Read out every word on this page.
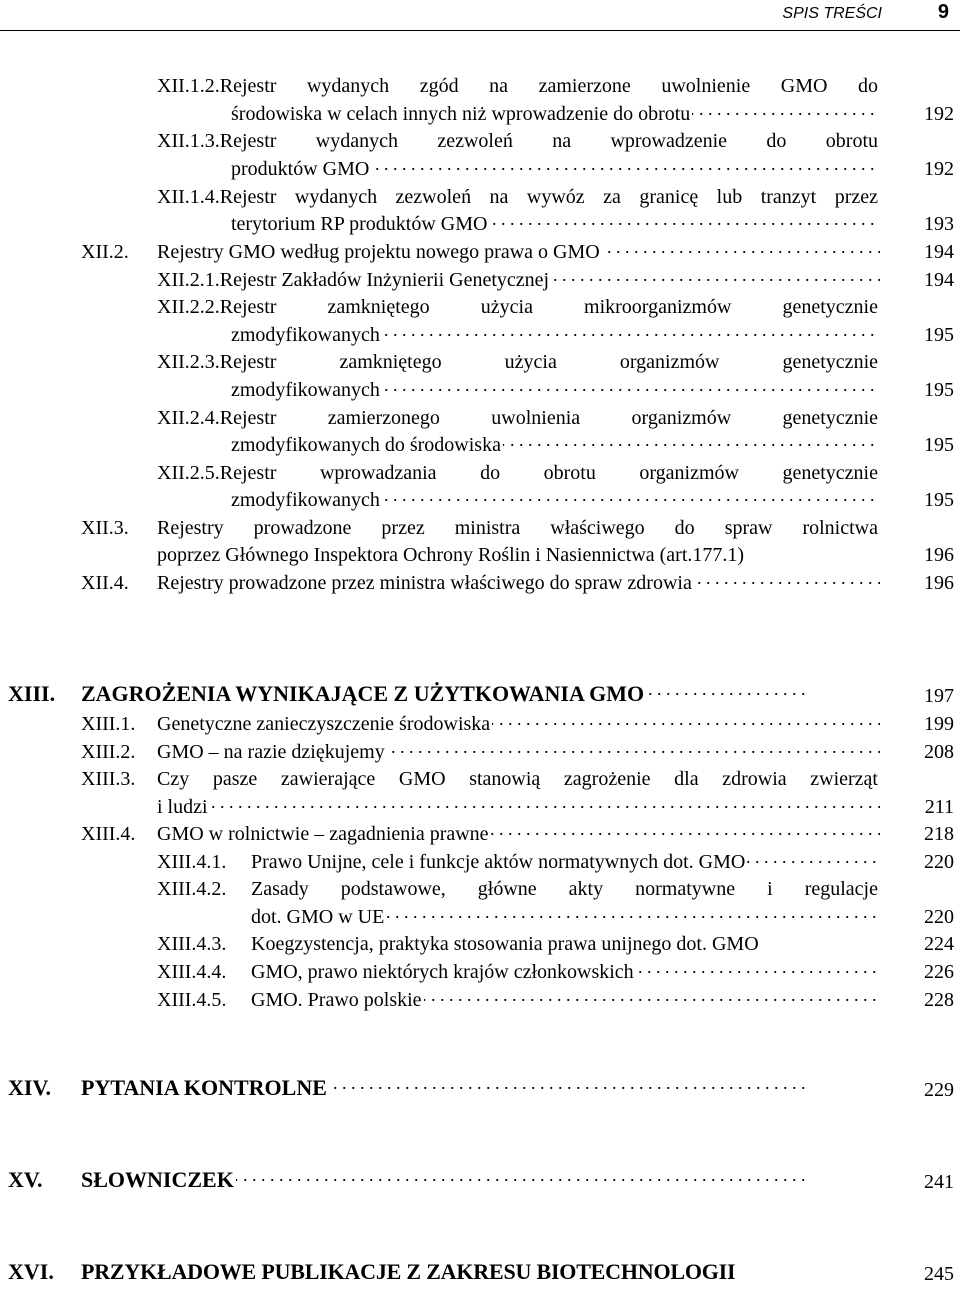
SPIS TREŚCI	9
XII.1.2.Rejestr wydanych zgód na zamierzone uwolnienie GMO do
środowiska w celach innych niż wprowadzenie do obrotu . . .	192
XII.1.3.Rejestr wydanych zezwoleń na wprowadzenie do obrotu
produktów GMO . . .	192
XII.1.4.Rejestr wydanych zezwoleń na wywóz za granicę lub tranzyt przez
terytorium RP produktów GMO . . .	193
XII.2. Rejestry GMO według projektu nowego prawa o GMO . . .	194
XII.2.1.Rejestr Zakładów Inżynierii Genetycznej . . .	194
XII.2.2.Rejestr zamkniętego użycia mikroorganizmów genetycznie
zmodyfikowanych . . .	195
XII.2.3.Rejestr zamkniętego użycia organizmów genetycznie
zmodyfikowanych . . .	195
XII.2.4.Rejestr zamierzonego uwolnienia organizmów genetycznie
zmodyfikowanych do środowiska . . .	195
XII.2.5.Rejestr wprowadzania do obrotu organizmów genetycznie
zmodyfikowanych . . .	195
XII.3. Rejestry prowadzone przez ministra właściwego do spraw rolnictwa
poprzez Głównego Inspektora Ochrony Roślin i Nasiennictwa (art.177.1)	196
XII.4. Rejestry prowadzone przez ministra właściwego do spraw zdrowia . . .	196
XIII. ZAGROŻENIA WYNIKAJĄCE Z UŻYTKOWANIA GMO . . .	197
XIII.1. Genetyczne zanieczyszczenie środowiska . . .	199
XIII.2. GMO – na razie dziękujemy . . .	208
XIII.3. Czy pasze zawierające GMO stanowią zagrożenie dla zdrowia zwierząt
i ludzi . . .	211
XIII.4. GMO w rolnictwie – zagadnienia prawne . . .	218
XIII.4.1. Prawo Unijne, cele i funkcje aktów normatywnych dot. GMO . . .	220
XIII.4.2. Zasady podstawowe, główne akty normatywne i regulacje
dot. GMO w UE . . .	220
XIII.4.3. Koegzystencja, praktyka stosowania prawa unijnego dot. GMO	224
XIII.4.4. GMO, prawo niektórych krajów członkowskich . . .	226
XIII.4.5. GMO. Prawo polskie . . .	228
XIV. PYTANIA KONTROLNE . . .	229
XV. SŁOWNICZEK . . .	241
XVI. PRZYKŁADOWE PUBLIKACJE Z ZAKRESU BIOTECHNOLOGII	245
